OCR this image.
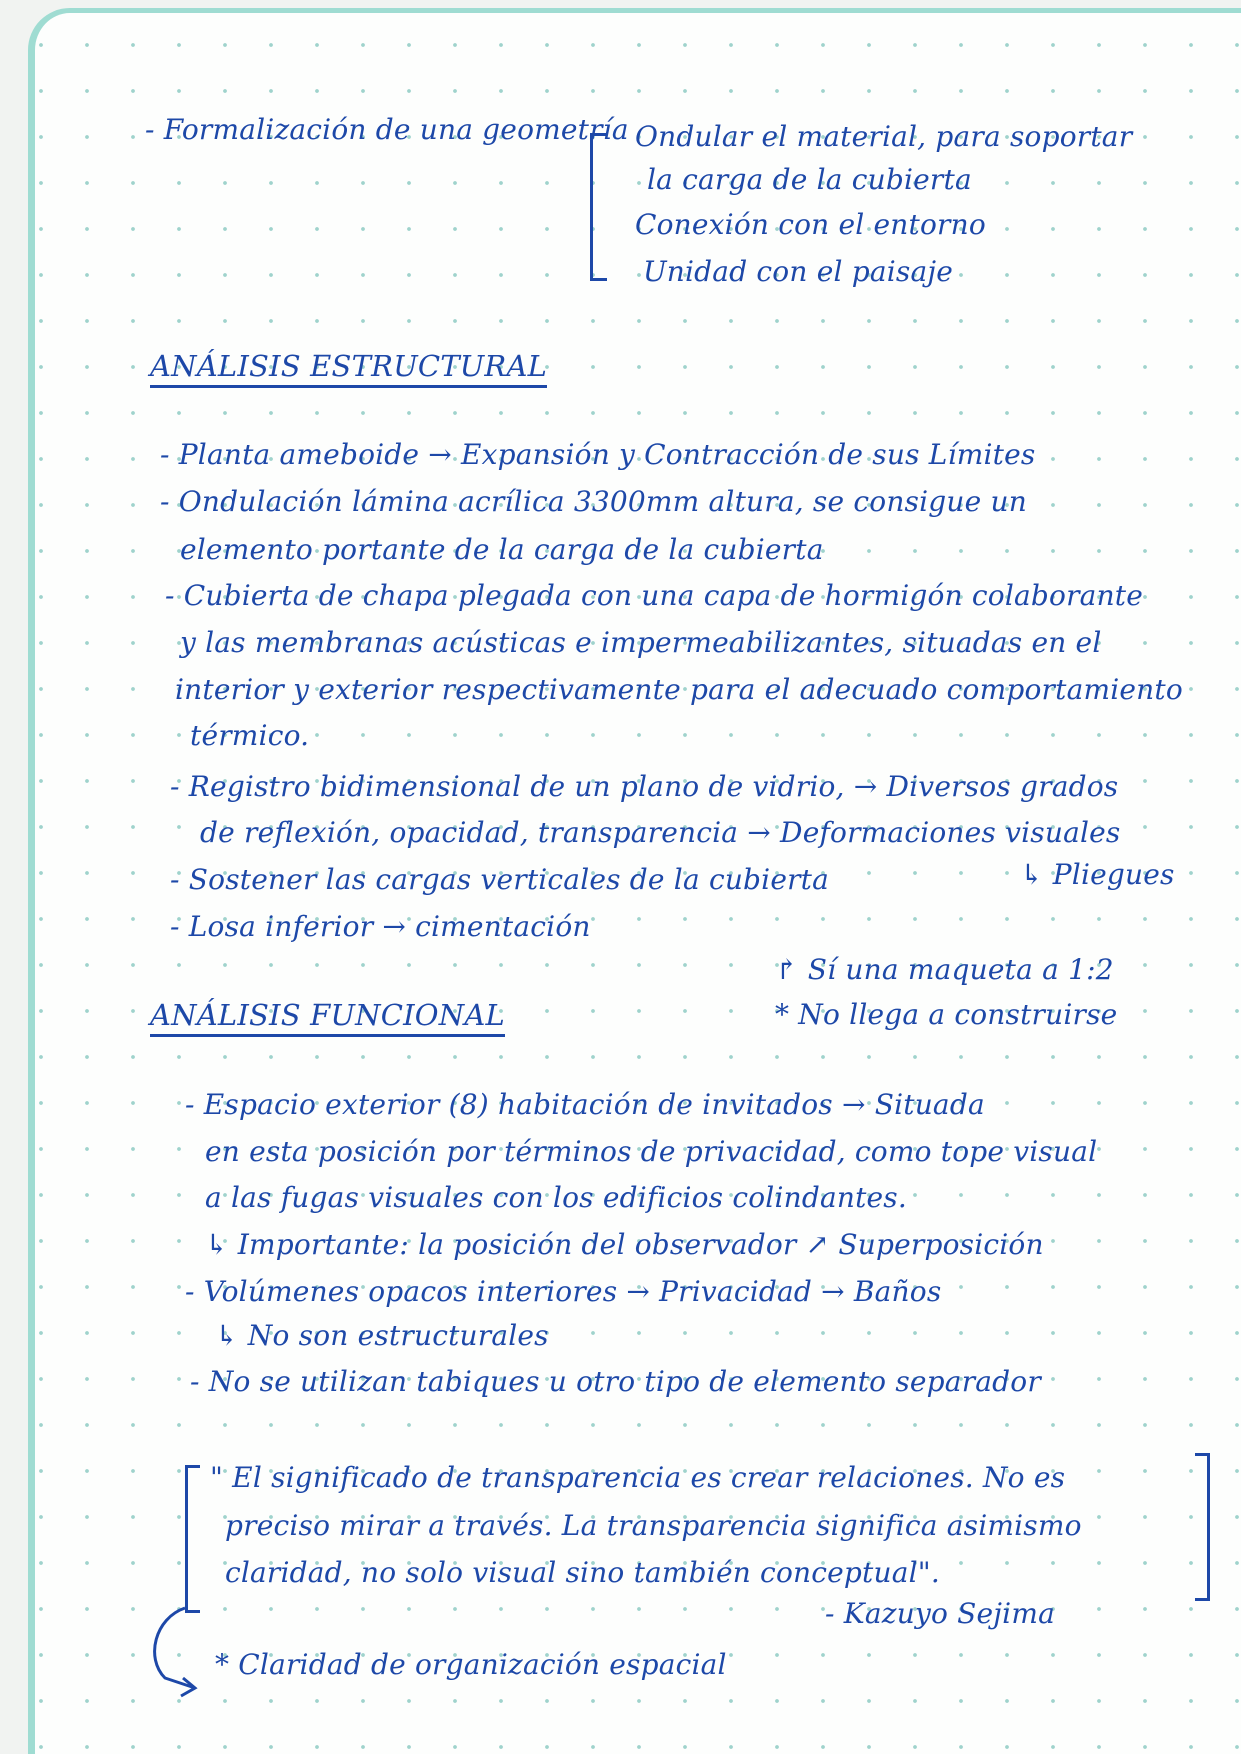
- Formalización de una geometría Ondular el material, para soportar
la carga de la cubierta
Conexión con el entorno
Unidad con el paisaje
ANÁLISIS ESTRUCTURAL
- Planta ameboide → Expansión y Contracción de sus Límites
- Ondulación lámina acrílica 3300mm altura, se consigue un
elemento portante de la carga de la cubierta
- Cubierta de chapa plegada con una capa de hormigón colaborante
y las membranas acústicas e impermeabilizantes, situadas en el
interior y exterior respectivamente para el adecuado comportamiento
térmico.
- Registro bidimensional de un plano de vidrio, → Diversos grados
de reflexión, opacidad, transparencia → Deformaciones visuales
- Sostener las cargas verticales de la cubierta	↳ Pliegues
- Losa inferior → cimentación
↱ Sí una maqueta a 1:2
* No llega a construirse
ANÁLISIS FUNCIONAL
- Espacio exterior (8) habitación de invitados → Situada
en esta posición por términos de privacidad, como tope visual
a las fugas visuales con los edificios colindantes.
↳ Importante: la posición del observador ↗ Superposición
- Volúmenes opacos interiores → Privacidad → Baños
↳ No son estructurales
- No se utilizan tabiques u otro tipo de elemento separador
" El significado de transparencia es crear relaciones. No es
preciso mirar a través. La transparencia significa asimismo
claridad, no solo visual sino también conceptual".
- Kazuyo Sejima
* Claridad de organización espacial
